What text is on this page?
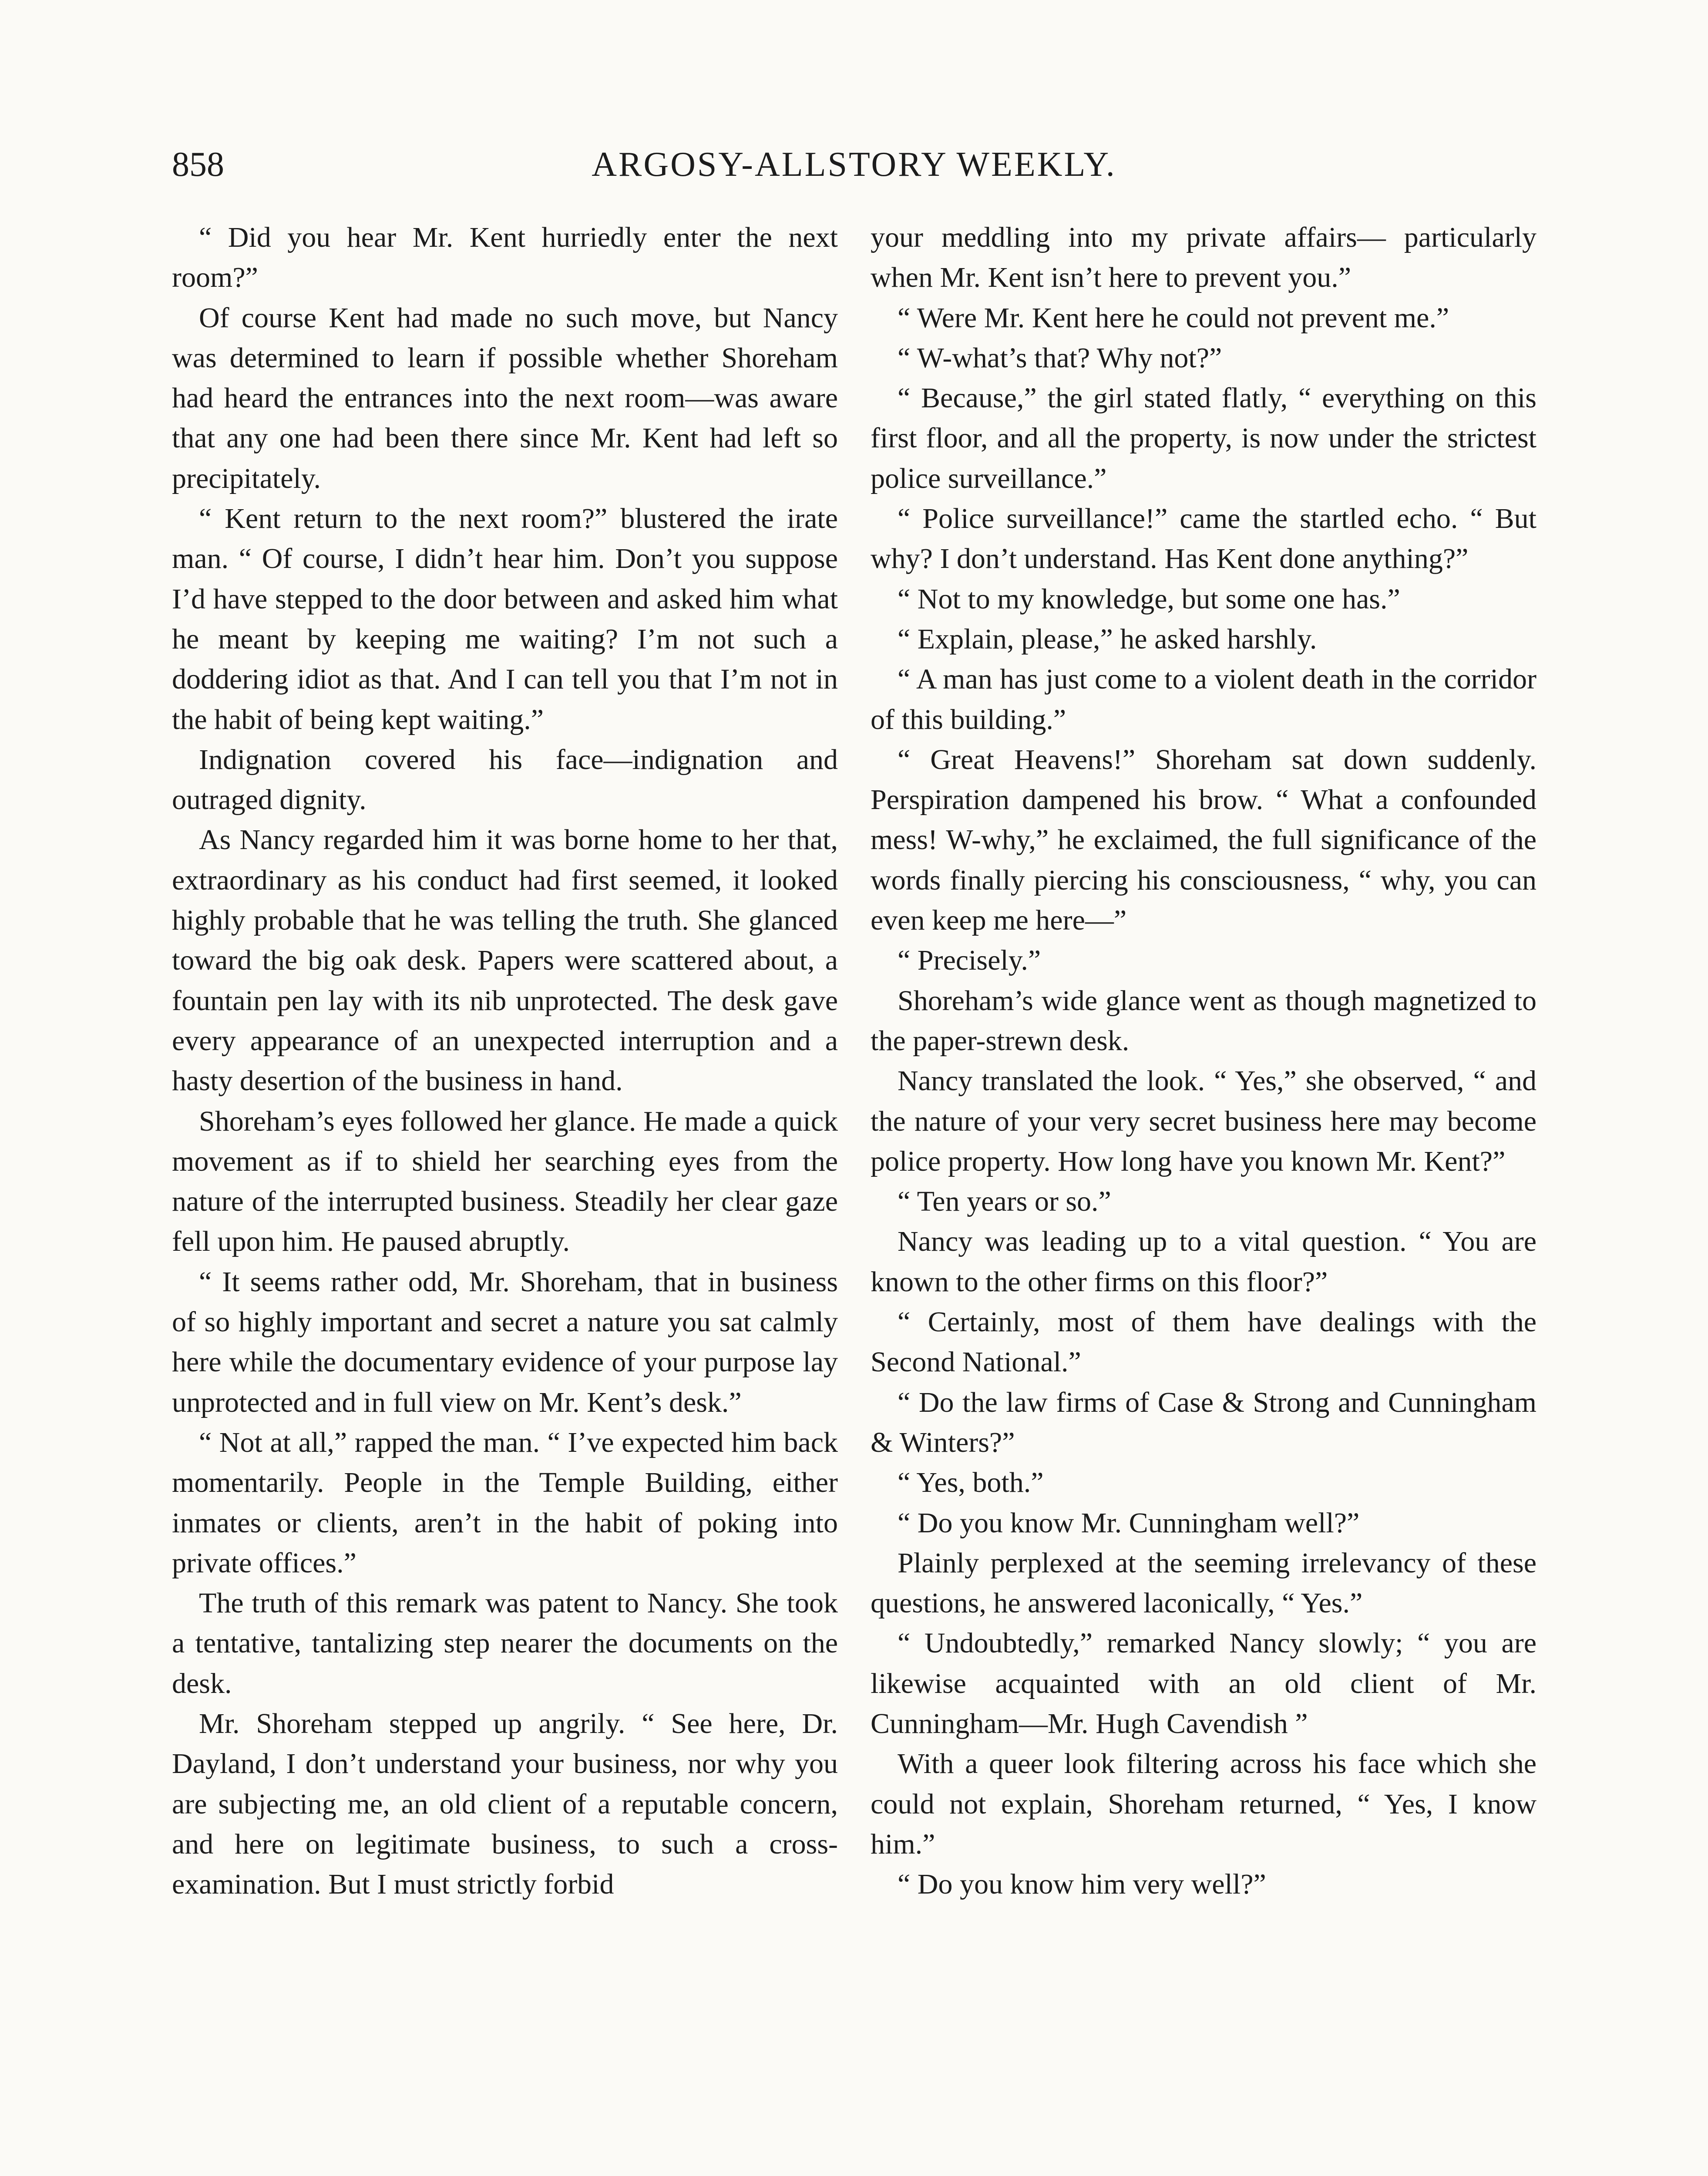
858	ARGOSY-ALLSTORY WEEKLY.

“ Did you hear Mr. Kent hurriedly enter the next room?”

Of course Kent had made no such move, but Nancy was determined to learn if possible whether Shoreham had heard the entrances into the next room—was aware that any one had been there since Mr. Kent had left so precipitately.

“ Kent return to the next room?” blustered the irate man. “ Of course, I didn’t hear him. Don’t you suppose I’d have stepped to the door between and asked him what he meant by keeping me waiting? I’m not such a doddering idiot as that. And I can tell you that I’m not in the habit of being kept waiting.”

Indignation covered his face—indignation and outraged dignity.

As Nancy regarded him it was borne home to her that, extraordinary as his conduct had first seemed, it looked highly probable that he was telling the truth. She glanced toward the big oak desk. Papers were scattered about, a fountain pen lay with its nib unprotected. The desk gave every appearance of an unexpected interruption and a hasty desertion of the business in hand.

Shoreham’s eyes followed her glance. He made a quick movement as if to shield her searching eyes from the nature of the interrupted business. Steadily her clear gaze fell upon him. He paused abruptly.

“ It seems rather odd, Mr. Shoreham, that in business of so highly important and secret a nature you sat calmly here while the documentary evidence of your purpose lay unprotected and in full view on Mr. Kent’s desk.”

“ Not at all,” rapped the man. “ I’ve expected him back momentarily. People in the Temple Building, either inmates or clients, aren’t in the habit of poking into private offices.”

The truth of this remark was patent to Nancy. She took a tentative, tantalizing step nearer the documents on the desk.

Mr. Shoreham stepped up angrily. “ See here, Dr. Dayland, I don’t understand your business, nor why you are subjecting me, an old client of a reputable concern, and here on legitimate business, to such a cross-examination. But I must strictly forbid

your meddling into my private affairs— particularly when Mr. Kent isn’t here to prevent you.”

“ Were Mr. Kent here he could not prevent me.”

“ W-what’s that? Why not?”

“ Because,” the girl stated flatly, “ everything on this first floor, and all the property, is now under the strictest police surveillance.”

“ Police surveillance!” came the startled echo. “ But why? I don’t understand. Has Kent done anything?”

“ Not to my knowledge, but some one has.”

“ Explain, please,” he asked harshly.

“ A man has just come to a violent death in the corridor of this building.”

“ Great Heavens!” Shoreham sat down suddenly. Perspiration dampened his brow. “ What a confounded mess! W-why,” he exclaimed, the full significance of the words finally piercing his consciousness, “ why, you can even keep me here—”

“ Precisely.”

Shoreham’s wide glance went as though magnetized to the paper-strewn desk.

Nancy translated the look. “ Yes,” she observed, “ and the nature of your very secret business here may become police property. How long have you known Mr. Kent?”

“ Ten years or so.”

Nancy was leading up to a vital question. “ You are known to the other firms on this floor?”

“ Certainly, most of them have dealings with the Second National.”

“ Do the law firms of Case & Strong and Cunningham & Winters?”

“ Yes, both.”

“ Do you know Mr. Cunningham well?”

Plainly perplexed at the seeming irrelevancy of these questions, he answered laconically, “ Yes.”

“ Undoubtedly,” remarked Nancy slowly; “ you are likewise acquainted with an old client of Mr. Cunningham—Mr. Hugh Cavendish ”

With a queer look filtering across his face which she could not explain, Shoreham returned, “ Yes, I know him.”

“ Do you know him very well?”
